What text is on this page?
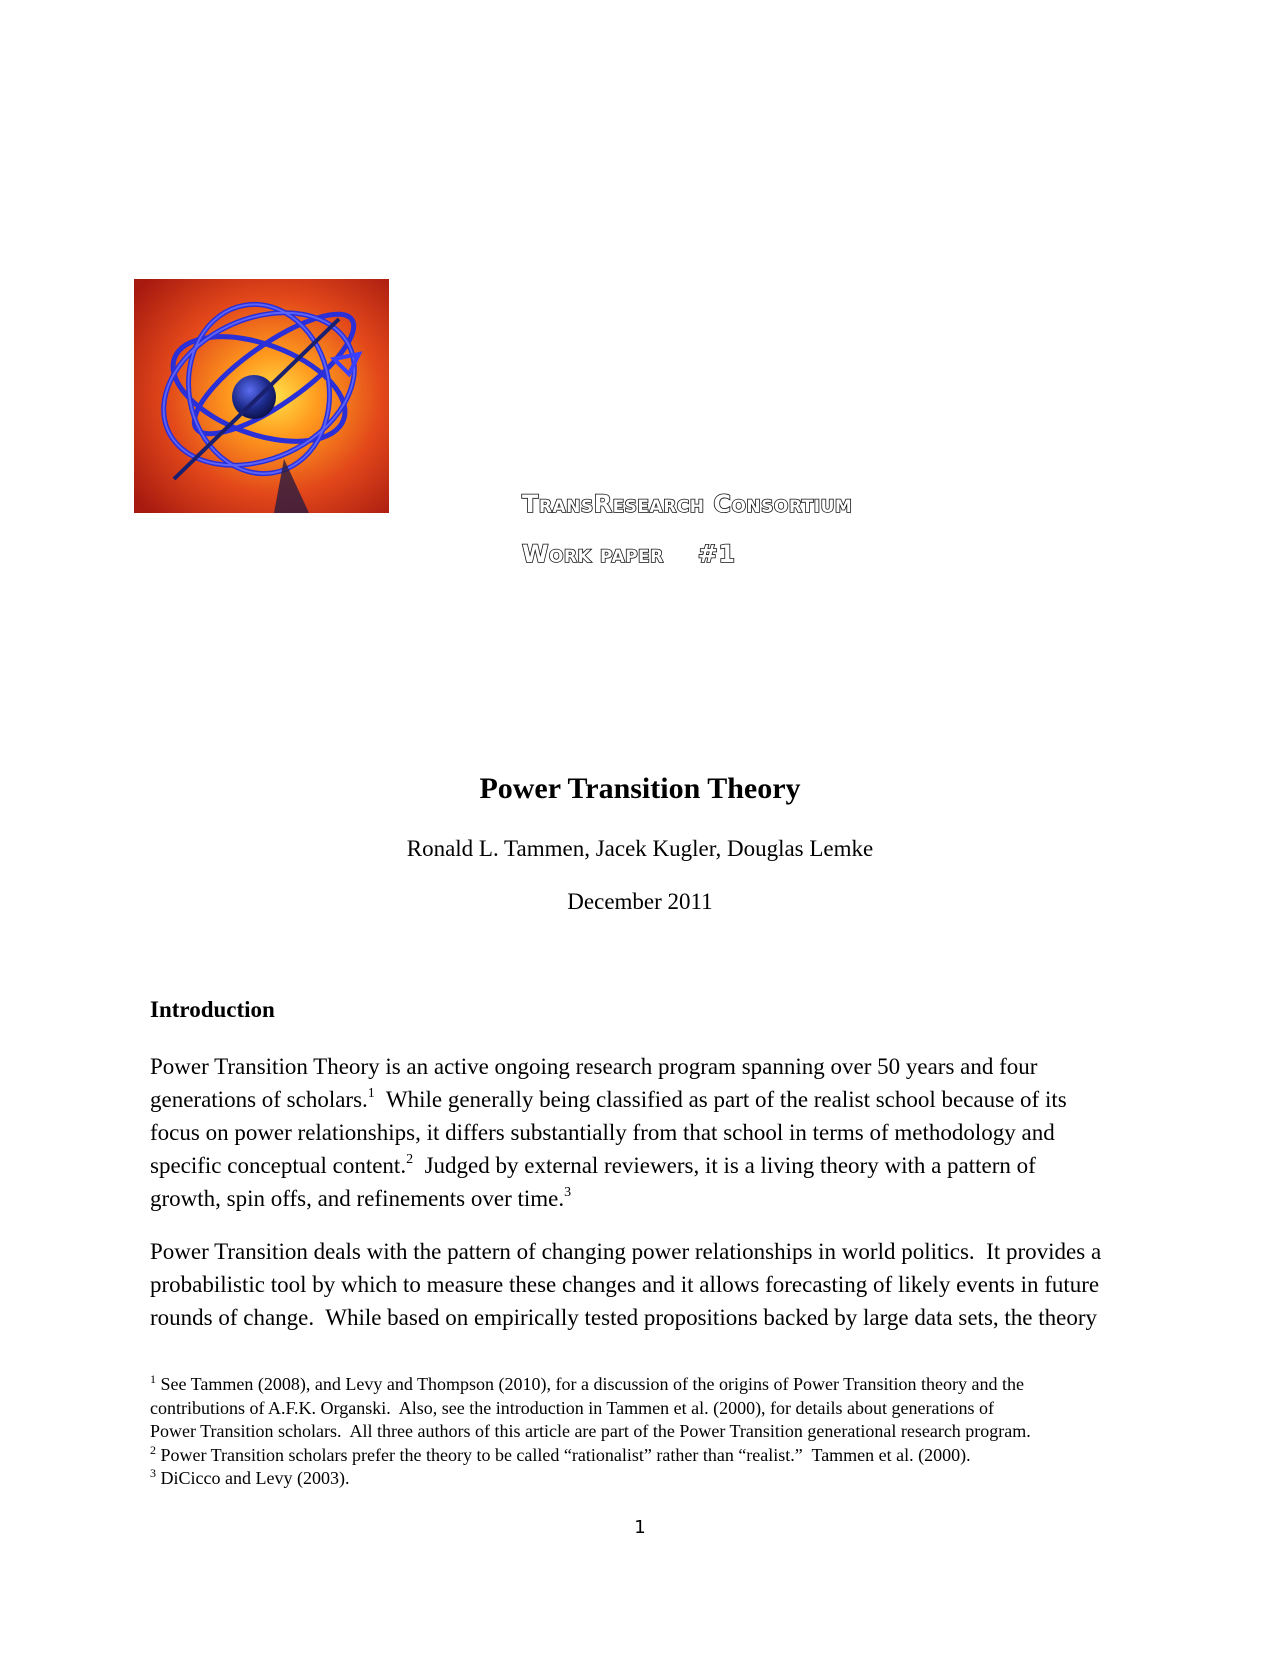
TransResearch Consortium
Work paper #1
Power Transition Theory
Ronald L. Tammen, Jacek Kugler, Douglas Lemke
December 2011
Introduction
Power Transition Theory is an active ongoing research program spanning over 50 years and four
generations of scholars.$^1$  While generally being classified as part of the realist school because of its
focus on power relationships, it differs substantially from that school in terms of methodology and
specific conceptual content.$^2$  Judged by external reviewers, it is a living theory with a pattern of
growth, spin offs, and refinements over time.$^3$
Power Transition deals with the pattern of changing power relationships in world politics.  It provides a
probabilistic tool by which to measure these changes and it allows forecasting of likely events in future
rounds of change.  While based on empirically tested propositions backed by large data sets, the theory
$^1$ See Tammen (2008), and Levy and Thompson (2010), for a discussion of the origins of Power Transition theory and the
contributions of A.F.K. Organski.  Also, see the introduction in Tammen et al. (2000), for details about generations of
Power Transition scholars.  All three authors of this article are part of the Power Transition generational research program.
$^2$ Power Transition scholars prefer the theory to be called “rationalist” rather than “realist.”  Tammen et al. (2000).
$^3$ DiCicco and Levy (2003).
1
